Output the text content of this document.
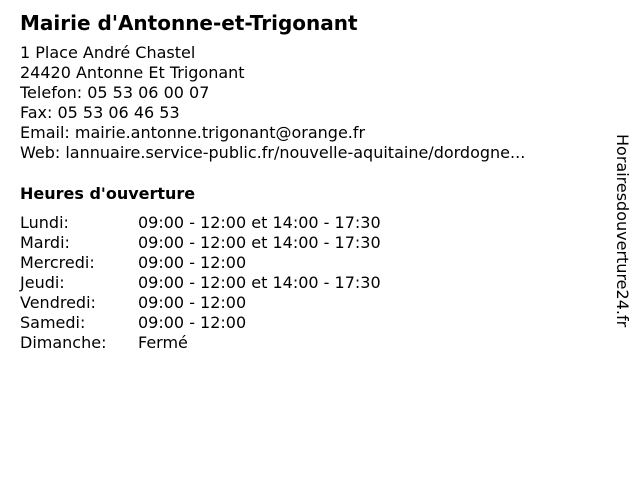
Mairie d'Antonne-et-Trigonant
1 Place André Chastel
24420 Antonne Et Trigonant
Telefon: 05 53 06 00 07
Fax: 05 53 06 46 53
Email: mairie.antonne.trigonant@orange.fr
Web: lannuaire.service-public.fr/nouvelle-aquitaine/dordogne...
Heures d'ouverture
Lundi:	09:00 - 12:00 et 14:00 - 17:30
Mardi:	09:00 - 12:00 et 14:00 - 17:30
Mercredi:	09:00 - 12:00
Jeudi:	09:00 - 12:00 et 14:00 - 17:30
Vendredi:	09:00 - 12:00
Samedi:	09:00 - 12:00
Dimanche:	Fermé
Horairesdouverture24.fr
